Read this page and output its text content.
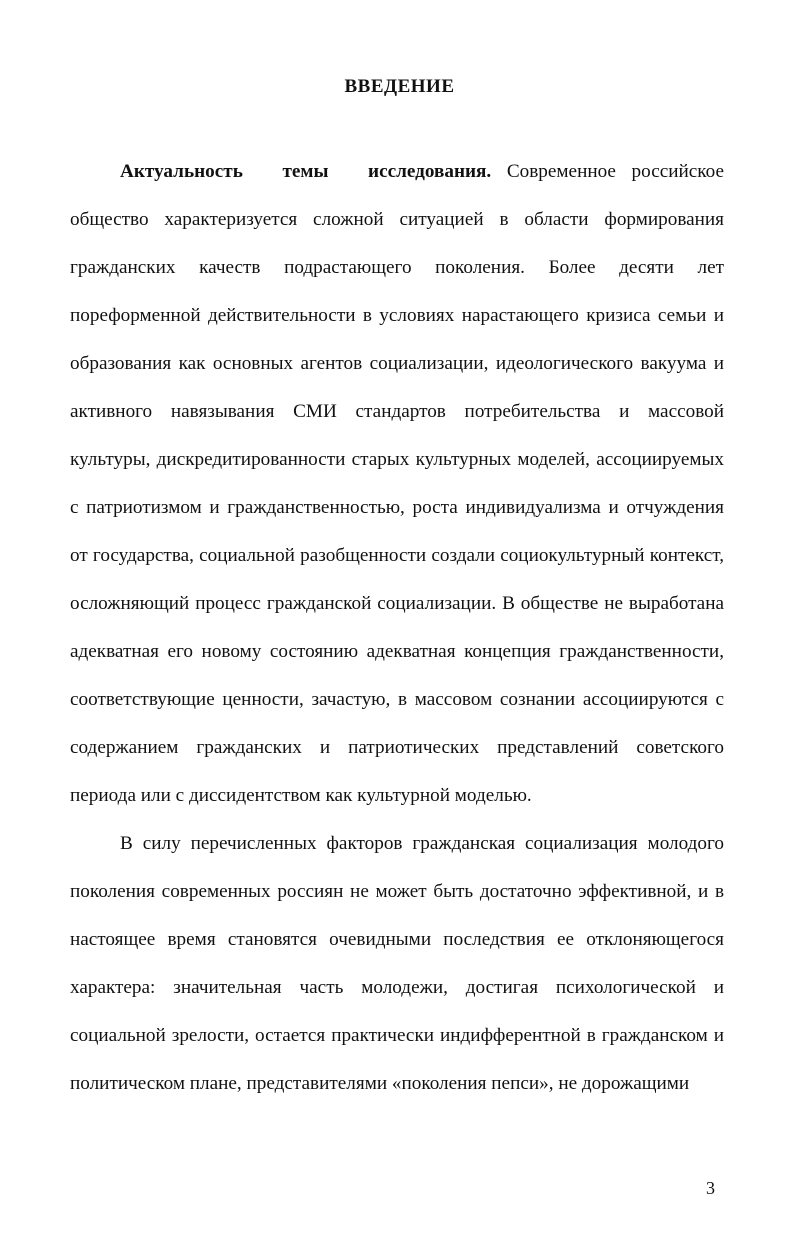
ВВЕДЕНИЕ

Актуальность темы исследования. Современное российское общество характеризуется сложной ситуацией в области формирования гражданских качеств подрастающего поколения. Более десяти лет пореформенной действительности в условиях нарастающего кризиса семьи и образования как основных агентов социализации, идеологического вакуума и активного навязывания СМИ стандартов потребительства и массовой культуры, дискредитированности старых культурных моделей, ассоциируемых с патриотизмом и гражданственностью, роста индивидуализма и отчуждения от государства, социальной разобщенности создали социокультурный контекст, осложняющий процесс гражданской социализации. В обществе не выработана адекватная его новому состоянию адекватная концепция гражданственности, соответствующие ценности, зачастую, в массовом сознании ассоциируются с содержанием гражданских и патриотических представлений советского периода или с диссидентством как культурной моделью.

В силу перечисленных факторов гражданская социализация молодого поколения современных россиян не может быть достаточно эффективной, и в настоящее время становятся очевидными последствия ее отклоняющегося характера: значительная часть молодежи, достигая психологической и социальной зрелости, остается практически индифферентной в гражданском и политическом плане, представителями «поколения пепси», не дорожащими

3
